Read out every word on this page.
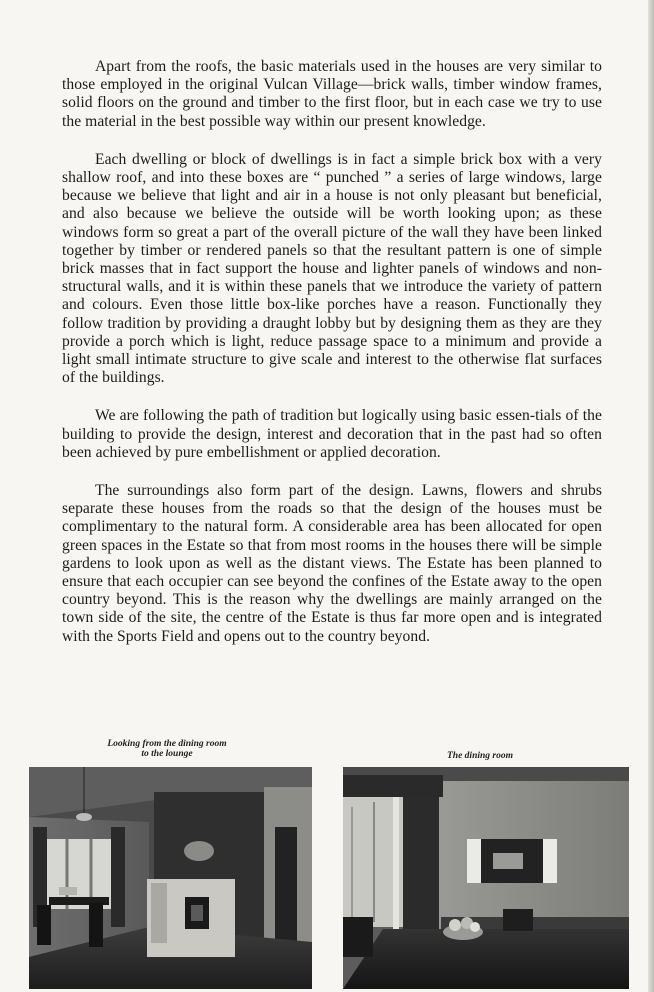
Apart from the roofs, the basic materials used in the houses are very similar to those employed in the original Vulcan Village—brick walls, timber window frames, solid floors on the ground and timber to the first floor, but in each case we try to use the material in the best possible way within our present knowledge.

Each dwelling or block of dwellings is in fact a simple brick box with a very shallow roof, and into these boxes are “ punched ” a series of large windows, large because we believe that light and air in a house is not only pleasant but beneficial, and also because we believe the outside will be worth looking upon; as these windows form so great a part of the overall picture of the wall they have been linked together by timber or rendered panels so that the resultant pattern is one of simple brick masses that in fact support the house and lighter panels of windows and non-structural walls, and it is within these panels that we introduce the variety of pattern and colours. Even those little box-like porches have a reason. Functionally they follow tradition by providing a draught lobby but by designing them as they are they provide a porch which is light, reduce passage space to a minimum and provide a light small intimate structure to give scale and interest to the otherwise flat surfaces of the buildings.

We are following the path of tradition but logically using basic essen-tials of the building to provide the design, interest and decoration that in the past had so often been achieved by pure embellishment or applied decoration.

The surroundings also form part of the design. Lawns, flowers and shrubs separate these houses from the roads so that the design of the houses must be complimentary to the natural form. A considerable area has been allocated for open green spaces in the Estate so that from most rooms in the houses there will be simple gardens to look upon as well as the distant views. The Estate has been planned to ensure that each occupier can see beyond the confines of the Estate away to the open country beyond. This is the reason why the dwellings are mainly arranged on the town side of the site, the centre of the Estate is thus far more open and is integrated with the Sports Field and opens out to the country beyond.

Looking from the dining room
to the lounge	The dining room
